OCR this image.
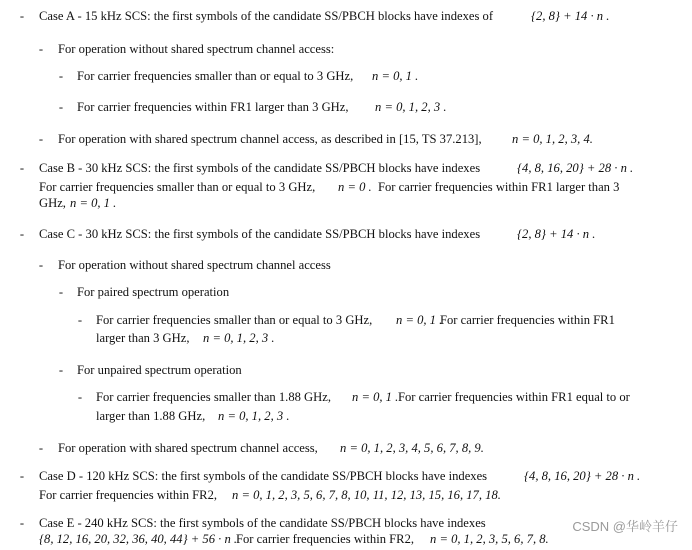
-	Case A - 15 kHz SCS: the first symbols of the candidate SS/PBCH blocks have indexes of	{2, 8} + 14 · n .
-	For operation without shared spectrum channel access:
-	For carrier frequencies smaller than or equal to 3 GHz, n = 0, 1 .
-	For carrier frequencies within FR1 larger than 3 GHz, n = 0, 1, 2, 3 .
-	For operation with shared spectrum channel access, as described in [15, TS 37.213], n = 0, 1, 2, 3, 4.
-	Case B - 30 kHz SCS: the first symbols of the candidate SS/PBCH blocks have indexes	{4, 8, 16, 20} + 28 · n .
For carrier frequencies smaller than or equal to 3 GHz, n = 0 . For carrier frequencies within FR1 larger than 3
GHz, n = 0, 1 .
-	Case C - 30 kHz SCS: the first symbols of the candidate SS/PBCH blocks have indexes	{2, 8} + 14 · n .
-	For operation without shared spectrum channel access
-	For paired spectrum operation
-	For carrier frequencies smaller than or equal to 3 GHz, n = 0, 1 .
For carrier frequencies within FR1
larger than 3 GHz, n = 0, 1, 2, 3 .
-	For unpaired spectrum operation
-	For carrier frequencies smaller than 1.88 GHz, n = 0, 1 . For carrier frequencies within FR1 equal to or
larger than 1.88 GHz, n = 0, 1, 2, 3 .
-	For operation with shared spectrum channel access, n = 0, 1, 2, 3, 4, 5, 6, 7, 8, 9.
-	Case D - 120 kHz SCS: the first symbols of the candidate SS/PBCH blocks have indexes	{4, 8, 16, 20} + 28 · n .
For carrier frequencies within FR2, n = 0, 1, 2, 3, 5, 6, 7, 8, 10, 11, 12, 13, 15, 16, 17, 18.
-	Case E - 240 kHz SCS: the first symbols of the candidate SS/PBCH blocks have indexes
{8, 12, 16, 20, 32, 36, 40, 44} + 56 · n .
For carrier frequencies within FR2, n = 0, 1, 2, 3, 5, 6, 7, 8.
CSDN @华岭羊仔
